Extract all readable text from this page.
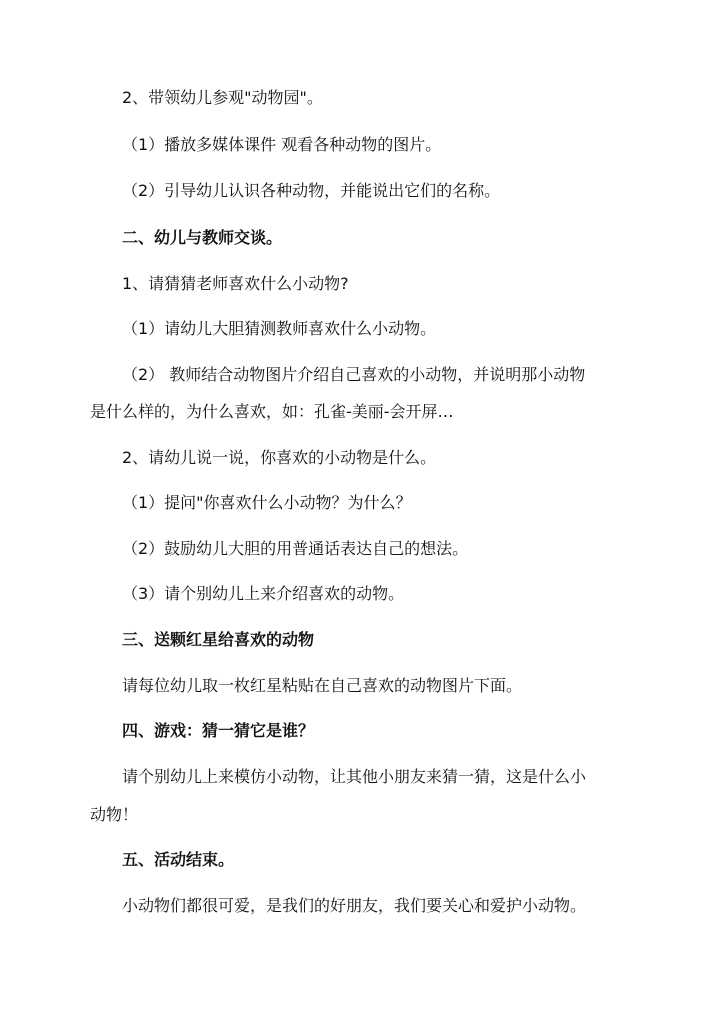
2、带领幼儿参观"动物园"。
（1）播放多媒体课件 观看各种动物的图片。
（2）引导幼儿认识各种动物，并能说出它们的名称。
二、幼儿与教师交谈。
1、请猜猜老师喜欢什么小动物?
（1）请幼儿大胆猜测教师喜欢什么小动物。
（2） 教师结合动物图片介绍自己喜欢的小动物，并说明那小动物
是什么样的，为什么喜欢，如：孔雀-美丽-会开屏…
2、请幼儿说一说，你喜欢的小动物是什么。
（1）提问"你喜欢什么小动物？为什么？
（2）鼓励幼儿大胆的用普通话表达自己的想法。
（3）请个别幼儿上来介绍喜欢的动物。
三、送颗红星给喜欢的动物
请每位幼儿取一枚红星粘贴在自己喜欢的动物图片下面。
四、游戏：猜一猜它是谁？
请个别幼儿上来模仿小动物，让其他小朋友来猜一猜，这是什么小
动物！
五、活动结束。
小动物们都很可爱，是我们的好朋友，我们要关心和爱护小动物。
